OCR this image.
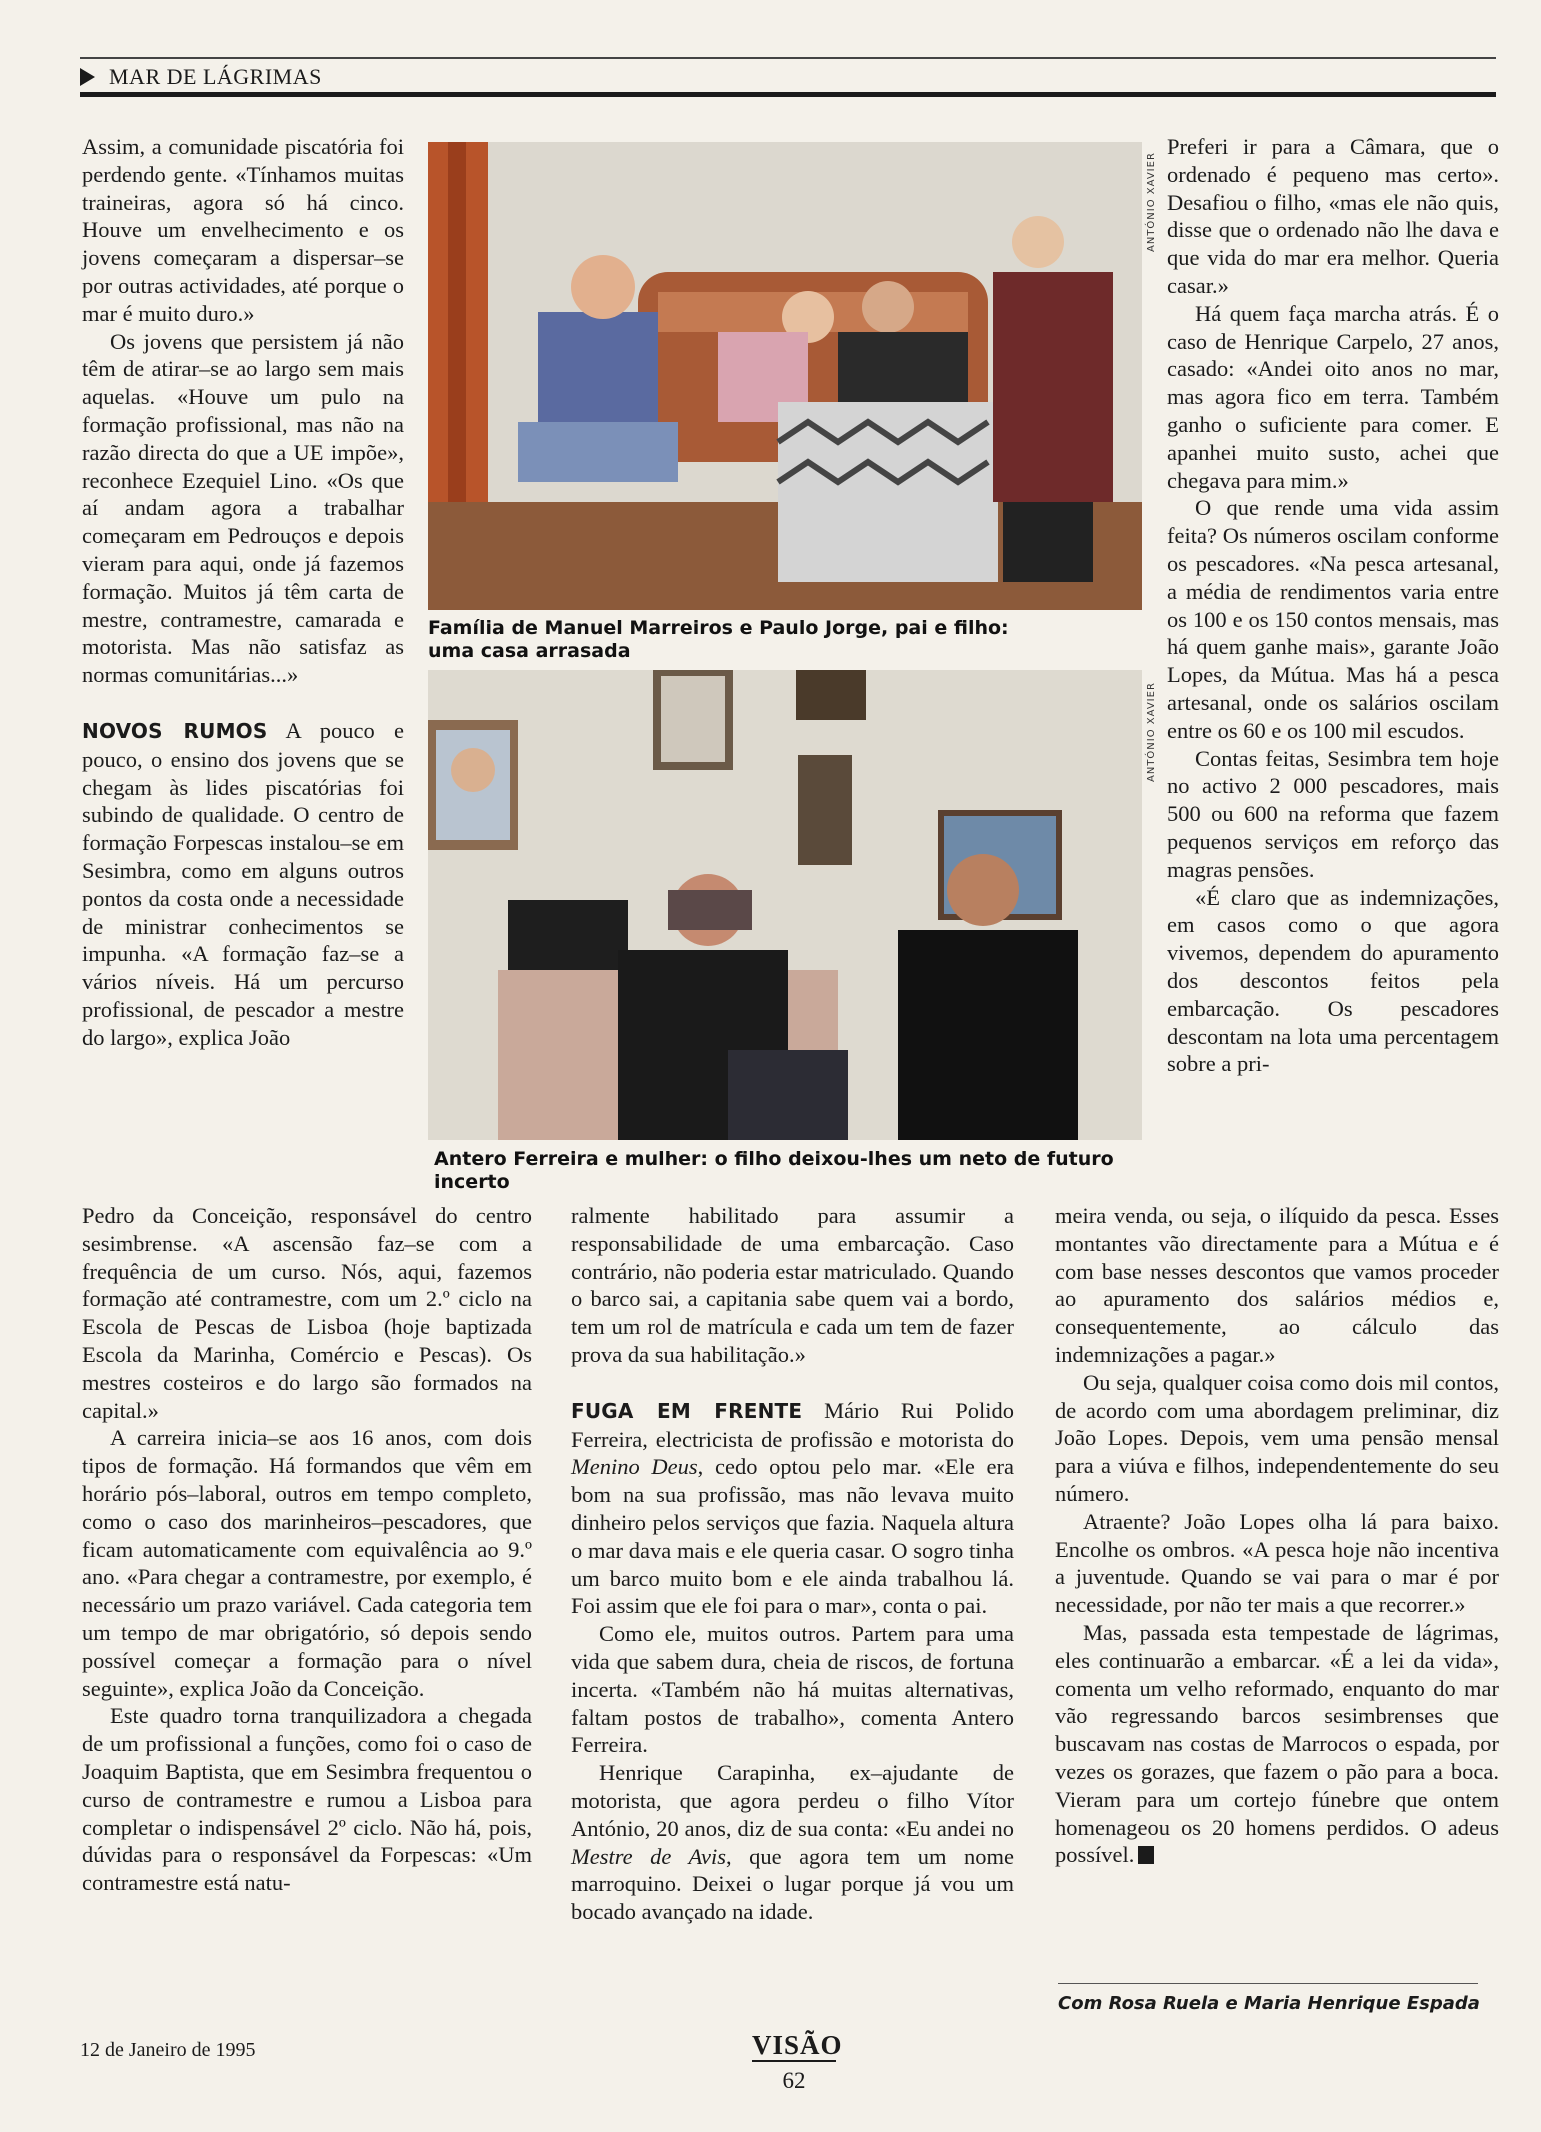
MAR DE LÁGRIMAS

Assim, a comunidade piscatória foi perdendo gente. «Tínhamos muitas traineiras, agora só há cinco. Houve um envelhecimento e os jovens começaram a dispersar–se por outras actividades, até porque o mar é muito duro.»

Os jovens que persistem já não têm de atirar–se ao largo sem mais aquelas. «Houve um pulo na formação profissional, mas não na razão directa do que a UE impõe», reconhece Ezequiel Lino. «Os que aí andam agora a trabalhar começaram em Pedrouços e depois vieram para aqui, onde já fazemos formação. Muitos já têm carta de mestre, contramestre, camarada e motorista. Mas não satisfaz as normas comunitárias...»

NOVOS RUMOS A pouco e pouco, o ensino dos jovens que se chegam às lides piscatórias foi subindo de qualidade. O centro de formação Forpescas instalou–se em Sesimbra, como em alguns outros pontos da costa onde a necessidade de ministrar conhecimentos se impunha. «A formação faz–se a vários níveis. Há um percurso profissional, de pescador a mestre do largo», explica João

Pedro da Conceição, responsável do centro sesimbrense. «A ascensão faz–se com a frequência de um curso. Nós, aqui, fazemos formação até contramestre, com um 2.º ciclo na Escola de Pescas de Lisboa (hoje baptizada Escola da Marinha, Comércio e Pescas). Os mestres costeiros e do largo são formados na capital.»

A carreira inicia–se aos 16 anos, com dois tipos de formação. Há formandos que vêm em horário pós–laboral, outros em tempo completo, como o caso dos marinheiros–pescadores, que ficam automaticamente com equivalência ao 9.º ano. «Para chegar a contramestre, por exemplo, é necessário um prazo variável. Cada categoria tem um tempo de mar obrigatório, só depois sendo possível começar a formação para o nível seguinte», explica João da Conceição.

Este quadro torna tranquilizadora a chegada de um profissional a funções, como foi o caso de Joaquim Baptista, que em Sesimbra frequentou o curso de contramestre e rumou a Lisboa para completar o indispensável 2º ciclo. Não há, pois, dúvidas para o responsável da Forpescas: «Um contramestre está natu-

ANTÓNIO XAVIER
Família de Manuel Marreiros e Paulo Jorge, pai e filho: uma casa arrasada
ANTÓNIO XAVIER
Antero Ferreira e mulher: o filho deixou-lhes um neto de futuro incerto

ralmente habilitado para assumir a responsabilidade de uma embarcação. Caso contrário, não poderia estar matriculado. Quando o barco sai, a capitania sabe quem vai a bordo, tem um rol de matrícula e cada um tem de fazer prova da sua habilitação.»

FUGA EM FRENTE Mário Rui Polido Ferreira, electricista de profissão e motorista do Menino Deus, cedo optou pelo mar. «Ele era bom na sua profissão, mas não levava muito dinheiro pelos serviços que fazia. Naquela altura o mar dava mais e ele queria casar. O sogro tinha um barco muito bom e ele ainda trabalhou lá. Foi assim que ele foi para o mar», conta o pai.

Como ele, muitos outros. Partem para uma vida que sabem dura, cheia de riscos, de fortuna incerta. «Também não há muitas alternativas, faltam postos de trabalho», comenta Antero Ferreira.

Henrique Carapinha, ex–ajudante de motorista, que agora perdeu o filho Vítor António, 20 anos, diz de sua conta: «Eu andei no Mestre de Avis, que agora tem um nome marroquino. Deixei o lugar porque já vou um bocado avançado na idade.

Preferi ir para a Câmara, que o ordenado é pequeno mas certo». Desafiou o filho, «mas ele não quis, disse que o ordenado não lhe dava e que vida do mar era melhor. Queria casar.»

Há quem faça marcha atrás. É o caso de Henrique Carpelo, 27 anos, casado: «Andei oito anos no mar, mas agora fico em terra. Também ganho o suficiente para comer. E apanhei muito susto, achei que chegava para mim.»

O que rende uma vida assim feita? Os números oscilam conforme os pescadores. «Na pesca artesanal, a média de rendimentos varia entre os 100 e os 150 contos mensais, mas há quem ganhe mais», garante João Lopes, da Mútua. Mas há a pesca artesanal, onde os salários oscilam entre os 60 e os 100 mil escudos.

Contas feitas, Sesimbra tem hoje no activo 2 000 pescadores, mais 500 ou 600 na reforma que fazem pequenos serviços em reforço das magras pensões.

«É claro que as indemnizações, em casos como o que agora vivemos, dependem do apuramento dos descontos feitos pela embarcação. Os pescadores descontam na lota uma percentagem sobre a pri-

meira venda, ou seja, o ilíquido da pesca. Esses montantes vão directamente para a Mútua e é com base nesses descontos que vamos proceder ao apuramento dos salários médios e, consequentemente, ao cálculo das indemnizações a pagar.»

Ou seja, qualquer coisa como dois mil contos, de acordo com uma abordagem preliminar, diz João Lopes. Depois, vem uma pensão mensal para a viúva e filhos, independentemente do seu número.

Atraente? João Lopes olha lá para baixo. Encolhe os ombros. «A pesca hoje não incentiva a juventude. Quando se vai para o mar é por necessidade, por não ter mais a que recorrer.»

Mas, passada esta tempestade de lágrimas, eles continuarão a embarcar. «É a lei da vida», comenta um velho reformado, enquanto do mar vão regressando barcos sesimbrenses que buscavam nas costas de Marrocos o espada, por vezes os gorazes, que fazem o pão para a boca. Vieram para um cortejo fúnebre que ontem homenageou os 20 homens perdidos. O adeus possível.

Com Rosa Ruela e Maria Henrique Espada
12 de Janeiro de 1995	VISÃO
62
